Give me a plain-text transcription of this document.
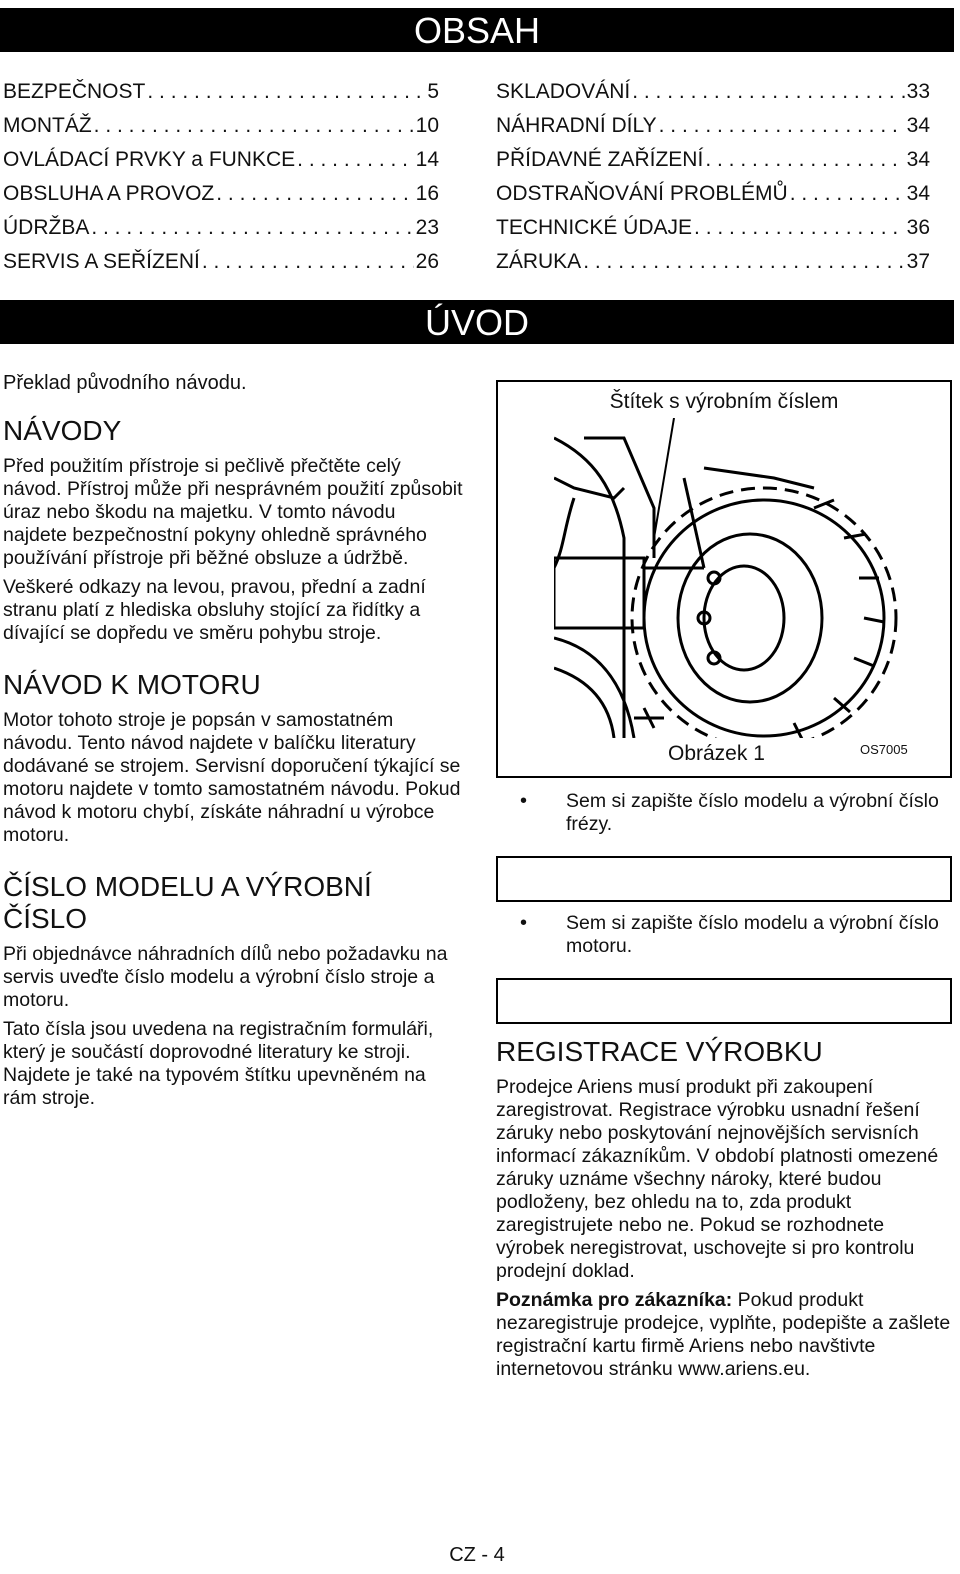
OBSAH
BEZPEČNOST . . .	5
MONTÁŽ . . .	10
OVLÁDACÍ PRVKY a FUNKCE . . .	14
OBSLUHA A PROVOZ . . .	16
ÚDRŽBA . . .	23
SERVIS A SEŘÍZENÍ . . .	26
SKLADOVÁNÍ . . .	33
NÁHRADNÍ DÍLY . . .	34
PŘÍDAVNÉ ZAŘÍZENÍ . . .	34
ODSTRAŇOVÁNÍ PROBLÉMŮ . . .	34
TECHNICKÉ ÚDAJE . . .	36
ZÁRUKA . . .	37
ÚVOD

Překlad původního návodu.

NÁVODY

Před použitím přístroje si pečlivě přečtěte celý návod. Přístroj může při nesprávném použití způsobit úraz nebo škodu na majetku. V tomto návodu najdete bezpečnostní pokyny ohledně správného používání přístroje při běžné obsluze a údržbě.

Veškeré odkazy na levou, pravou, přední a zadní stranu platí z hlediska obsluhy stojící za řidítky a dívající se dopředu ve směru pohybu stroje.

NÁVOD K MOTORU

Motor tohoto stroje je popsán v samostatném návodu. Tento návod najdete v balíčku literatury dodávané se strojem. Servisní doporučení týkající se motoru najdete v tomto samostatném návodu. Pokud návod k motoru chybí, získáte náhradní u výrobce motoru.

ČÍSLO MODELU A VÝROBNÍ ČÍSLO

Při objednávce náhradních dílů nebo požadavku na servis uveďte číslo modelu a výrobní číslo stroje a motoru.

Tato čísla jsou uvedena na registračním formuláři, který je součástí doprovodné literatury ke stroji. Najdete je také na typovém štítku upevněném na rám stroje.

Štítek s výrobním číslem
Obrázek 1	OS7005
•	Sem si zapište číslo modelu a výrobní číslo frézy.

•	Sem si zapište číslo modelu a výrobní číslo motoru.

REGISTRACE VÝROBKU

Prodejce Ariens musí produkt při zakoupení zaregistrovat. Registrace výrobku usnadní řešení záruky nebo poskytování nejnovějších servisních informací zákazníkům. V období platnosti omezené záruky uznáme všechny nároky, které budou podloženy, bez ohledu na to, zda produkt zaregistrujete nebo ne. Pokud se rozhodnete výrobek neregistrovat, uschovejte si pro kontrolu prodejní doklad.

Poznámka pro zákazníka: Pokud produkt nezaregistruje prodejce, vyplňte, podepište a zašlete registrační kartu firmě Ariens nebo navštivte internetovou stránku www.ariens.eu.

CZ - 4
